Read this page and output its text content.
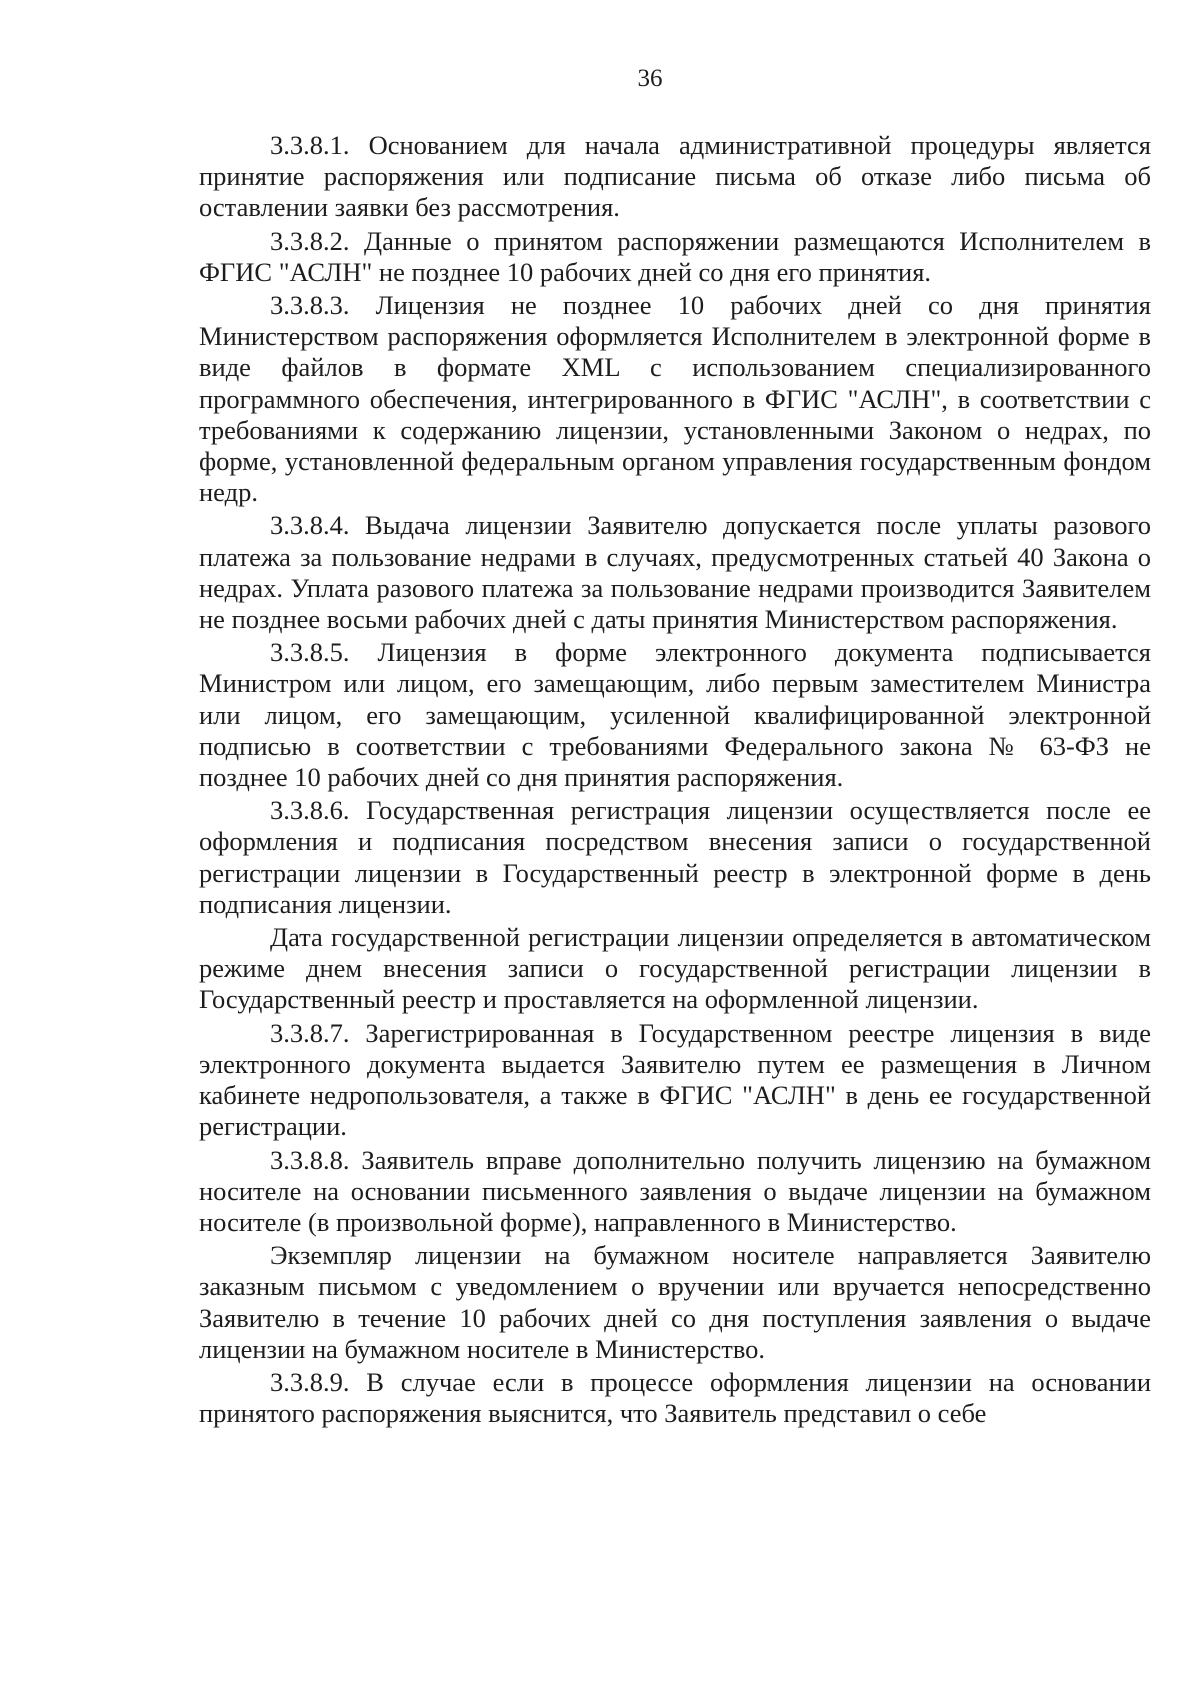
36

3.3.8.1. Основанием для начала административной процедуры является принятие распоряжения или подписание письма об отказе либо письма об оставлении заявки без рассмотрения.

3.3.8.2. Данные о принятом распоряжении размещаются Исполнителем в ФГИС "АСЛН" не позднее 10 рабочих дней со дня его принятия.

3.3.8.3. Лицензия не позднее 10 рабочих дней со дня принятия Министерством распоряжения оформляется Исполнителем в электронной форме в виде файлов в формате XML с использованием специализированного программного обеспечения, интегрированного в ФГИС "АСЛН", в соответствии с требованиями к содержанию лицензии, установленными Законом о недрах, по форме, установленной федеральным органом управления государственным фондом недр.

3.3.8.4. Выдача лицензии Заявителю допускается после уплаты разового платежа за пользование недрами в случаях, предусмотренных статьей 40 Закона о недрах. Уплата разового платежа за пользование недрами производится Заявителем не позднее восьми рабочих дней с даты принятия Министерством распоряжения.

3.3.8.5. Лицензия в форме электронного документа подписывается Министром или лицом, его замещающим, либо первым заместителем Министра или лицом, его замещающим, усиленной квалифицированной электронной подписью в соответствии с требованиями Федерального закона № 63-ФЗ не позднее 10 рабочих дней со дня принятия распоряжения.

3.3.8.6. Государственная регистрация лицензии осуществляется после ее оформления и подписания посредством внесения записи о государственной регистрации лицензии в Государственный реестр в электронной форме в день подписания лицензии.

Дата государственной регистрации лицензии определяется в автоматическом режиме днем внесения записи о государственной регистрации лицензии в Государственный реестр и проставляется на оформленной лицензии.

3.3.8.7. Зарегистрированная в Государственном реестре лицензия в виде электронного документа выдается Заявителю путем ее размещения в Личном кабинете недропользователя, а также в ФГИС "АСЛН" в день ее государственной регистрации.

3.3.8.8. Заявитель вправе дополнительно получить лицензию на бумажном носителе на основании письменного заявления о выдаче лицензии на бумажном носителе (в произвольной форме), направленного в Министерство.

Экземпляр лицензии на бумажном носителе направляется Заявителю заказным письмом с уведомлением о вручении или вручается непосредственно Заявителю в течение 10 рабочих дней со дня поступления заявления о выдаче лицензии на бумажном носителе в Министерство.

3.3.8.9. В случае если в процессе оформления лицензии на основании принятого распоряжения выяснится, что Заявитель представил о себе
